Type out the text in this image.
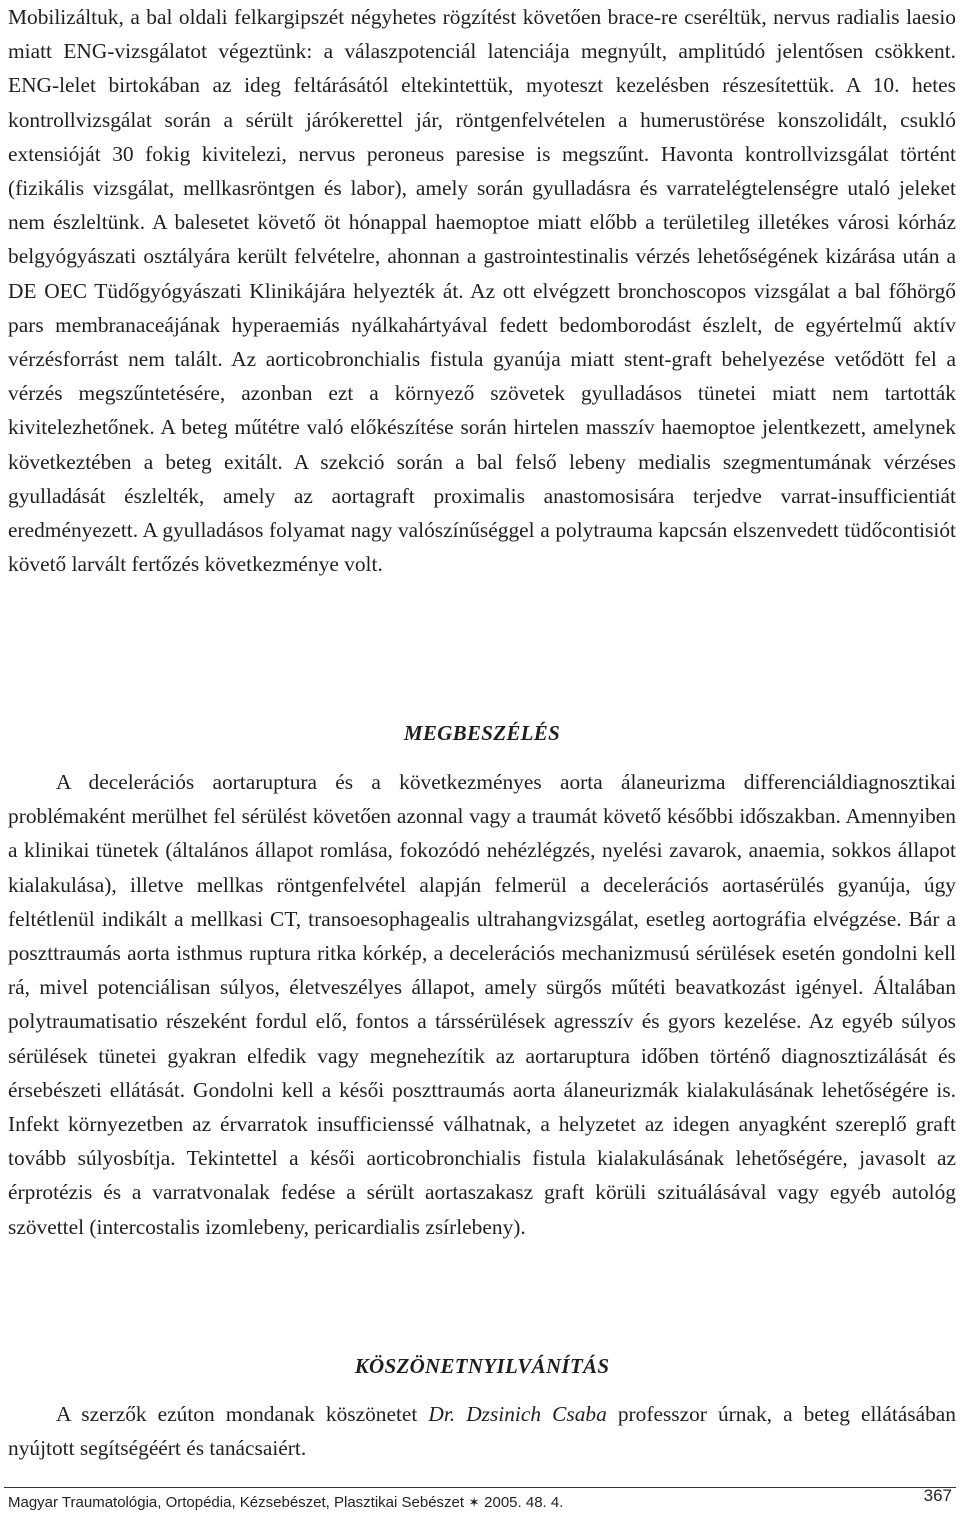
Mobilizáltuk, a bal oldali felkargipszét négyhetes rögzítést követően brace-re cseréltük, nervus radialis laesio miatt ENG-vizsgálatot végeztünk: a válaszpotenciál latenciája megnyúlt, amplitúdó jelentősen csökkent. ENG-lelet birtokában az ideg feltárásától eltekintettük, myoteszt kezelésben részesítettük. A 10. hetes kontrollvizsgálat során a sérült járókerettel jár, röntgenfelvételen a humerustörése konszolidált, csukló extensióját 30 fokig kivitelezi, nervus peroneus paresise is megszűnt. Havonta kontrollvizsgálat történt (fizikális vizsgálat, mellkasröntgen és labor), amely során gyulladásra és varratelégtelenségre utaló jeleket nem észleltünk. A balesetet követő öt hónappal haemoptoe miatt előbb a területileg illetékes városi kórház belgyógyászati osztályára került felvételre, ahonnan a gastrointestinalis vérzés lehetőségének kizárása után a DE OEC Tüdőgyógyászati Klinikájára helyezték át. Az ott elvégzett bronchoscopos vizsgálat a bal főhörgő pars membranaceájának hyperaemiás nyálkahártyával fedett bedomborodást észlelt, de egyértelmű aktív vérzésforrást nem talált. Az aorticobronchialis fistula gyanúja miatt stent-graft behelyezése vetődött fel a vérzés megszűntetésére, azonban ezt a környező szövetek gyulladásos tünetei miatt nem tartották kivitelezhetőnek. A beteg műtétre való előkészítése során hirtelen masszív haemoptoe jelentkezett, amelynek következtében a beteg exitált. A szekció során a bal felső lebeny medialis szegmentumának vérzéses gyulladását észlelték, amely az aortagraft proximalis anastomosisára terjedve varrat-insufficientiát eredményezett. A gyulladásos folyamat nagy valószínűséggel a polytrauma kapcsán elszenvedett tüdőcontisiót követő larvált fertőzés következménye volt.

MEGBESZÉLÉS

A decelerációs aortaruptura és a következményes aorta álaneurizma differenciáldiagnosztikai problémaként merülhet fel sérülést követően azonnal vagy a traumát követő későbbi időszakban. Amennyiben a klinikai tünetek (általános állapot romlása, fokozódó nehézlégzés, nyelési zavarok, anaemia, sokkos állapot kialakulása), illetve mellkas röntgenfelvétel alapján felmerül a decelerációs aortasérülés gyanúja, úgy feltétlenül indikált a mellkasi CT, transoesophagealis ultrahangvizsgálat, esetleg aortográfia elvégzése. Bár a poszttraumás aorta isthmus ruptura ritka kórkép, a decelerációs mechanizmusú sérülések esetén gondolni kell rá, mivel potenciálisan súlyos, életveszélyes állapot, amely sürgős műtéti beavatkozást igényel. Általában polytraumatisatio részeként fordul elő, fontos a társsérülések agresszív és gyors kezelése. Az egyéb súlyos sérülések tünetei gyakran elfedik vagy megnehezítik az aortaruptura időben történő diagnosztizálását és érsebészeti ellátását. Gondolni kell a késői poszttraumás aorta álaneurizmák kialakulásának lehetőségére is. Infekt környezetben az érvarratok insufficienssé válhatnak, a helyzetet az idegen anyagként szereplő graft tovább súlyosbítja. Tekintettel a késői aorticobronchialis fistula kialakulásának lehetőségére, javasolt az érprotézis és a varratvonalak fedése a sérült aortaszakasz graft körüli szituálásával vagy egyéb autológ szövettel (intercostalis izomlebeny, pericardialis zsírlebeny).

KÖSZÖNETNYILVÁNÍTÁS

A szerzők ezúton mondanak köszönetet Dr. Dzsinich Csaba professzor úrnak, a beteg ellátásában nyújtott segítségéért és tanácsaiért.

Magyar Traumatológia, Ortopédia, Kézsebészet, Plasztikai Sebészet ✶ 2005. 48. 4.	367
